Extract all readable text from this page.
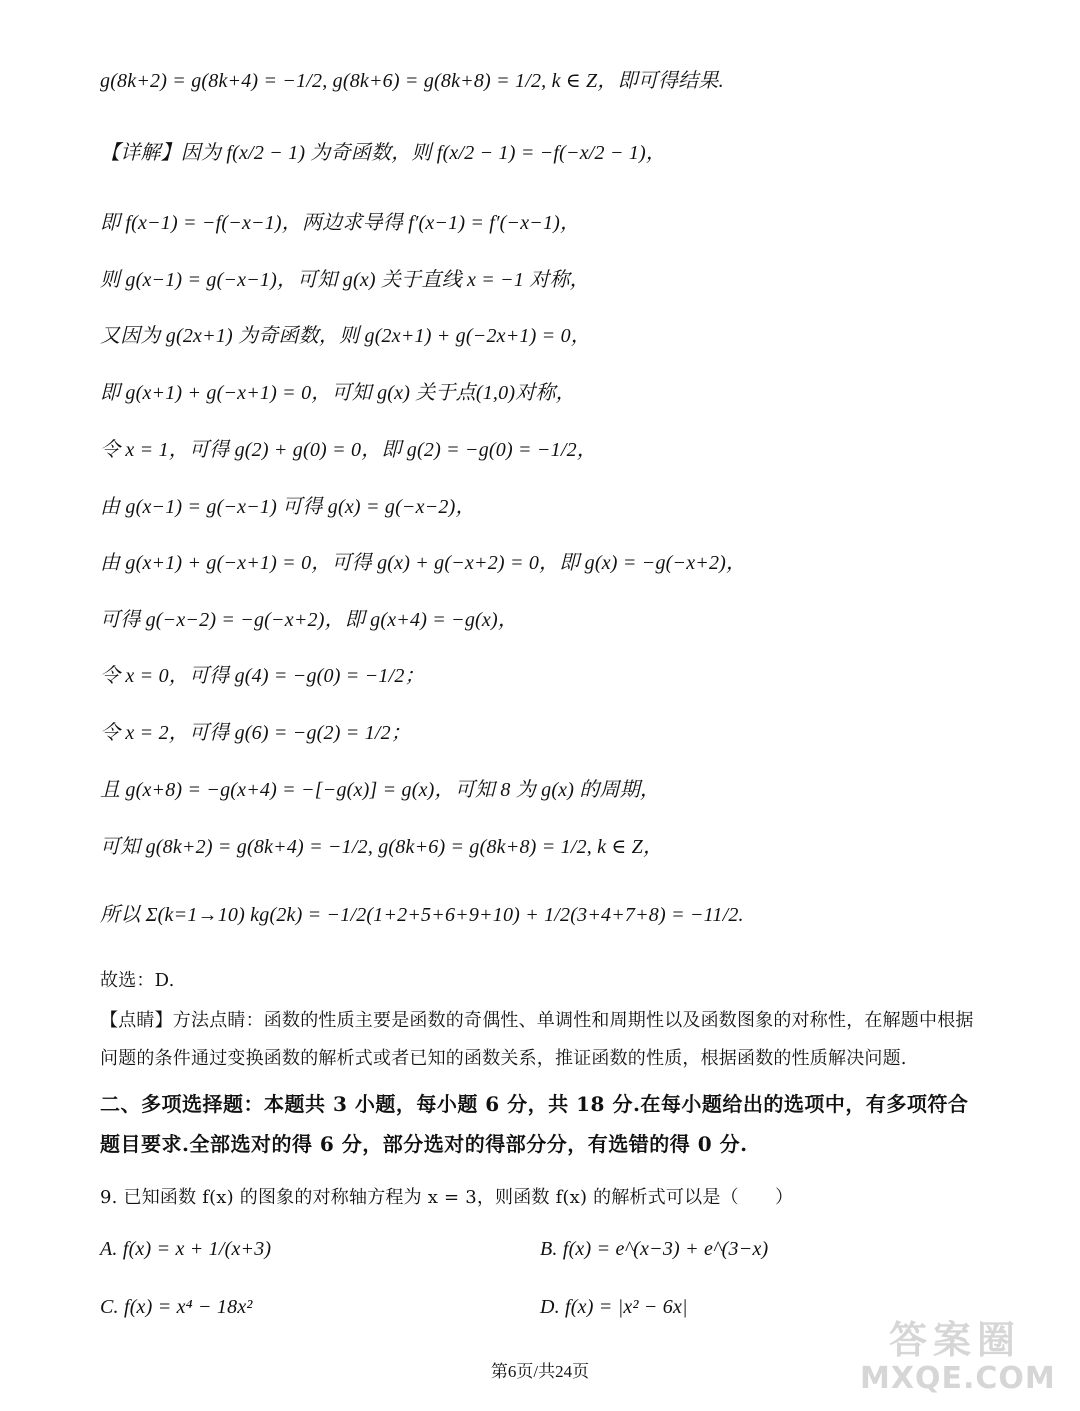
g(8k+2) = g(8k+4) = −1/2, g(8k+6) = g(8k+8) = 1/2, k ∈ Z，即可得结果.
【详解】因为 f(x/2 − 1) 为奇函数，则 f(x/2 − 1) = −f(−x/2 − 1)，
即 f(x−1) = −f(−x−1)，两边求导得 f′(x−1) = f′(−x−1)，
则 g(x−1) = g(−x−1)，可知 g(x) 关于直线 x = −1 对称，
又因为 g(2x+1) 为奇函数，则 g(2x+1) + g(−2x+1) = 0，
即 g(x+1) + g(−x+1) = 0，可知 g(x) 关于点(1,0)对称，
令 x = 1，可得 g(2) + g(0) = 0，即 g(2) = −g(0) = −1/2，
由 g(x−1) = g(−x−1) 可得 g(x) = g(−x−2)，
由 g(x+1) + g(−x+1) = 0，可得 g(x) + g(−x+2) = 0，即 g(x) = −g(−x+2)，
可得 g(−x−2) = −g(−x+2)，即 g(x+4) = −g(x)，
令 x = 0，可得 g(4) = −g(0) = −1/2；
令 x = 2，可得 g(6) = −g(2) = 1/2；
且 g(x+8) = −g(x+4) = −[−g(x)] = g(x)，可知 8 为 g(x) 的周期，
可知 g(8k+2) = g(8k+4) = −1/2, g(8k+6) = g(8k+8) = 1/2, k ∈ Z，
所以 Σ(k=1→10) kg(2k) = −1/2(1+2+5+6+9+10) + 1/2(3+4+7+8) = −11/2.
故选：D.
【点睛】方法点睛：函数的性质主要是函数的奇偶性、单调性和周期性以及函数图象的对称性，在解题中根据问题的条件通过变换函数的解析式或者已知的函数关系，推证函数的性质，根据函数的性质解决问题.
二、多项选择题：本题共 3 小题，每小题 6 分，共 18 分.在每小题给出的选项中，有多项符合题目要求.全部选对的得 6 分，部分选对的得部分分，有选错的得 0 分.
9. 已知函数 f(x) 的图象的对称轴方程为 x = 3，则函数 f(x) 的解析式可以是（　　）
A. f(x) = x + 1/(x+3)	B. f(x) = e^(x−3) + e^(3−x)
C. f(x) = x⁴ − 18x²	D. f(x) = |x² − 6x|
第6页/共24页
答案圈
MXQE.COM
